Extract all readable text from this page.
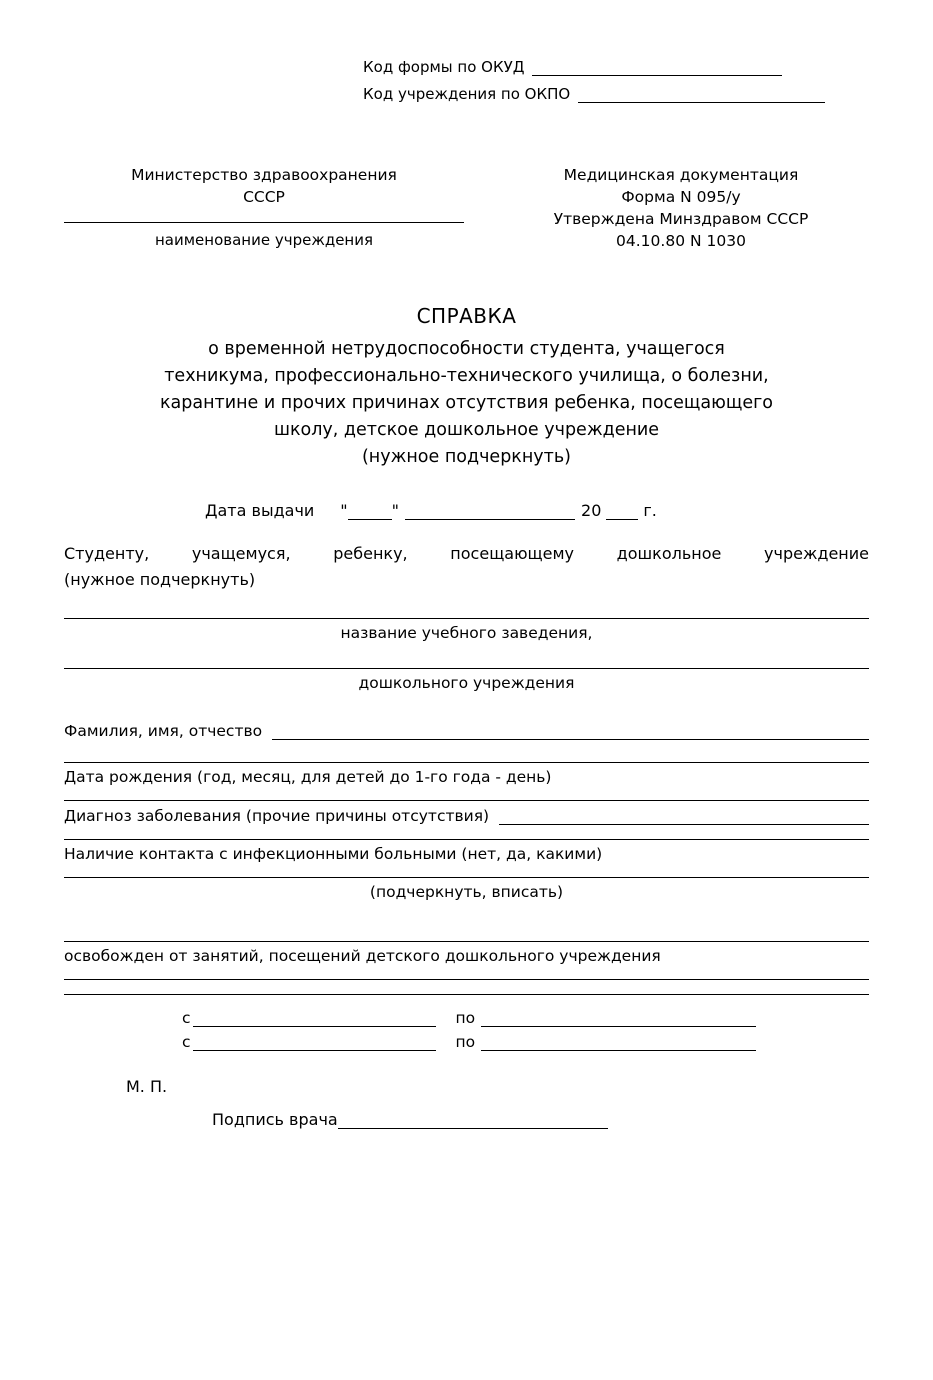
Код формы по ОКУД
Код учреждения по ОКПО
Министерство здравоохранения
СССР
наименование учреждения
Медицинская документация
Форма N 095/у
Утверждена Минздравом СССР
04.10.80 N 1030
СПРАВКА
о временной нетрудоспособности студента, учащегося
техникума, профессионально-технического училища, о болезни,
карантине и прочих причинах отсутствия ребенка, посещающего
школу, детское дошкольное учреждение
(нужное подчеркнуть)
Дата выдачи "	"	20	г.
Студенту, учащемуся, ребенку, посещающему дошкольное учреждение
(нужное подчеркнуть)
название учебного заведения,
дошкольного учреждения
Фамилия, имя, отчество
Дата рождения (год, месяц, для детей до 1-го года - день)
Диагноз заболевания (прочие причины отсутствия)
Наличие контакта с инфекционными больными (нет, да, какими)
(подчеркнуть, вписать)
освобожден от занятий, посещений детского дошкольного учреждения
с	по
с	по
М. П.
Подпись врача
